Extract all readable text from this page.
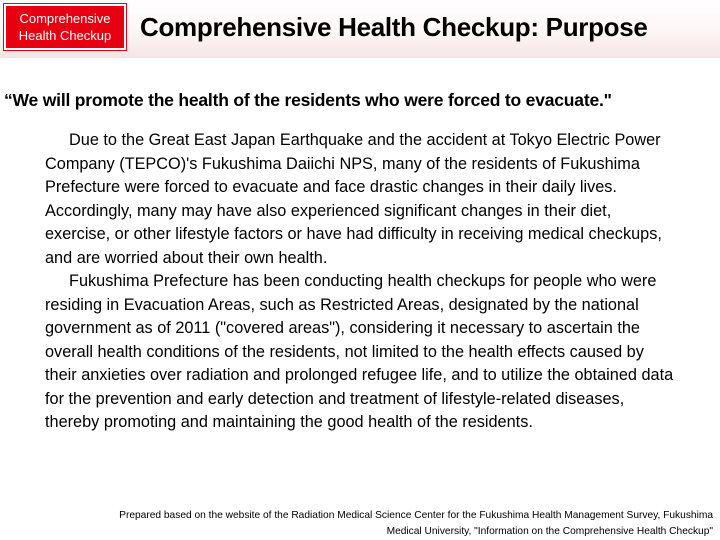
Comprehensive
Health Checkup Comprehensive Health Checkup: Purpose
“We will promote the health of the residents who were forced to evacuate."

Due to the Great East Japan Earthquake and the accident at Tokyo Electric Power Company (TEPCO)'s Fukushima Daiichi NPS, many of the residents of Fukushima Prefecture were forced to evacuate and face drastic changes in their daily lives. Accordingly, many may have also experienced significant changes in their diet, exercise, or other lifestyle factors or have had difficulty in receiving medical checkups, and are worried about their own health.

Fukushima Prefecture has been conducting health checkups for people who were residing in Evacuation Areas, such as Restricted Areas, designated by the national government as of 2011 ("covered areas"), considering it necessary to ascertain the overall health conditions of the residents, not limited to the health effects caused by their anxieties over radiation and prolonged refugee life, and to utilize the obtained data for the prevention and early detection and treatment of lifestyle-related diseases, thereby promoting and maintaining the good health of the residents.

Prepared based on the website of the Radiation Medical Science Center for the Fukushima Health Management Survey, Fukushima
Medical University, "Information on the Comprehensive Health Checkup"
